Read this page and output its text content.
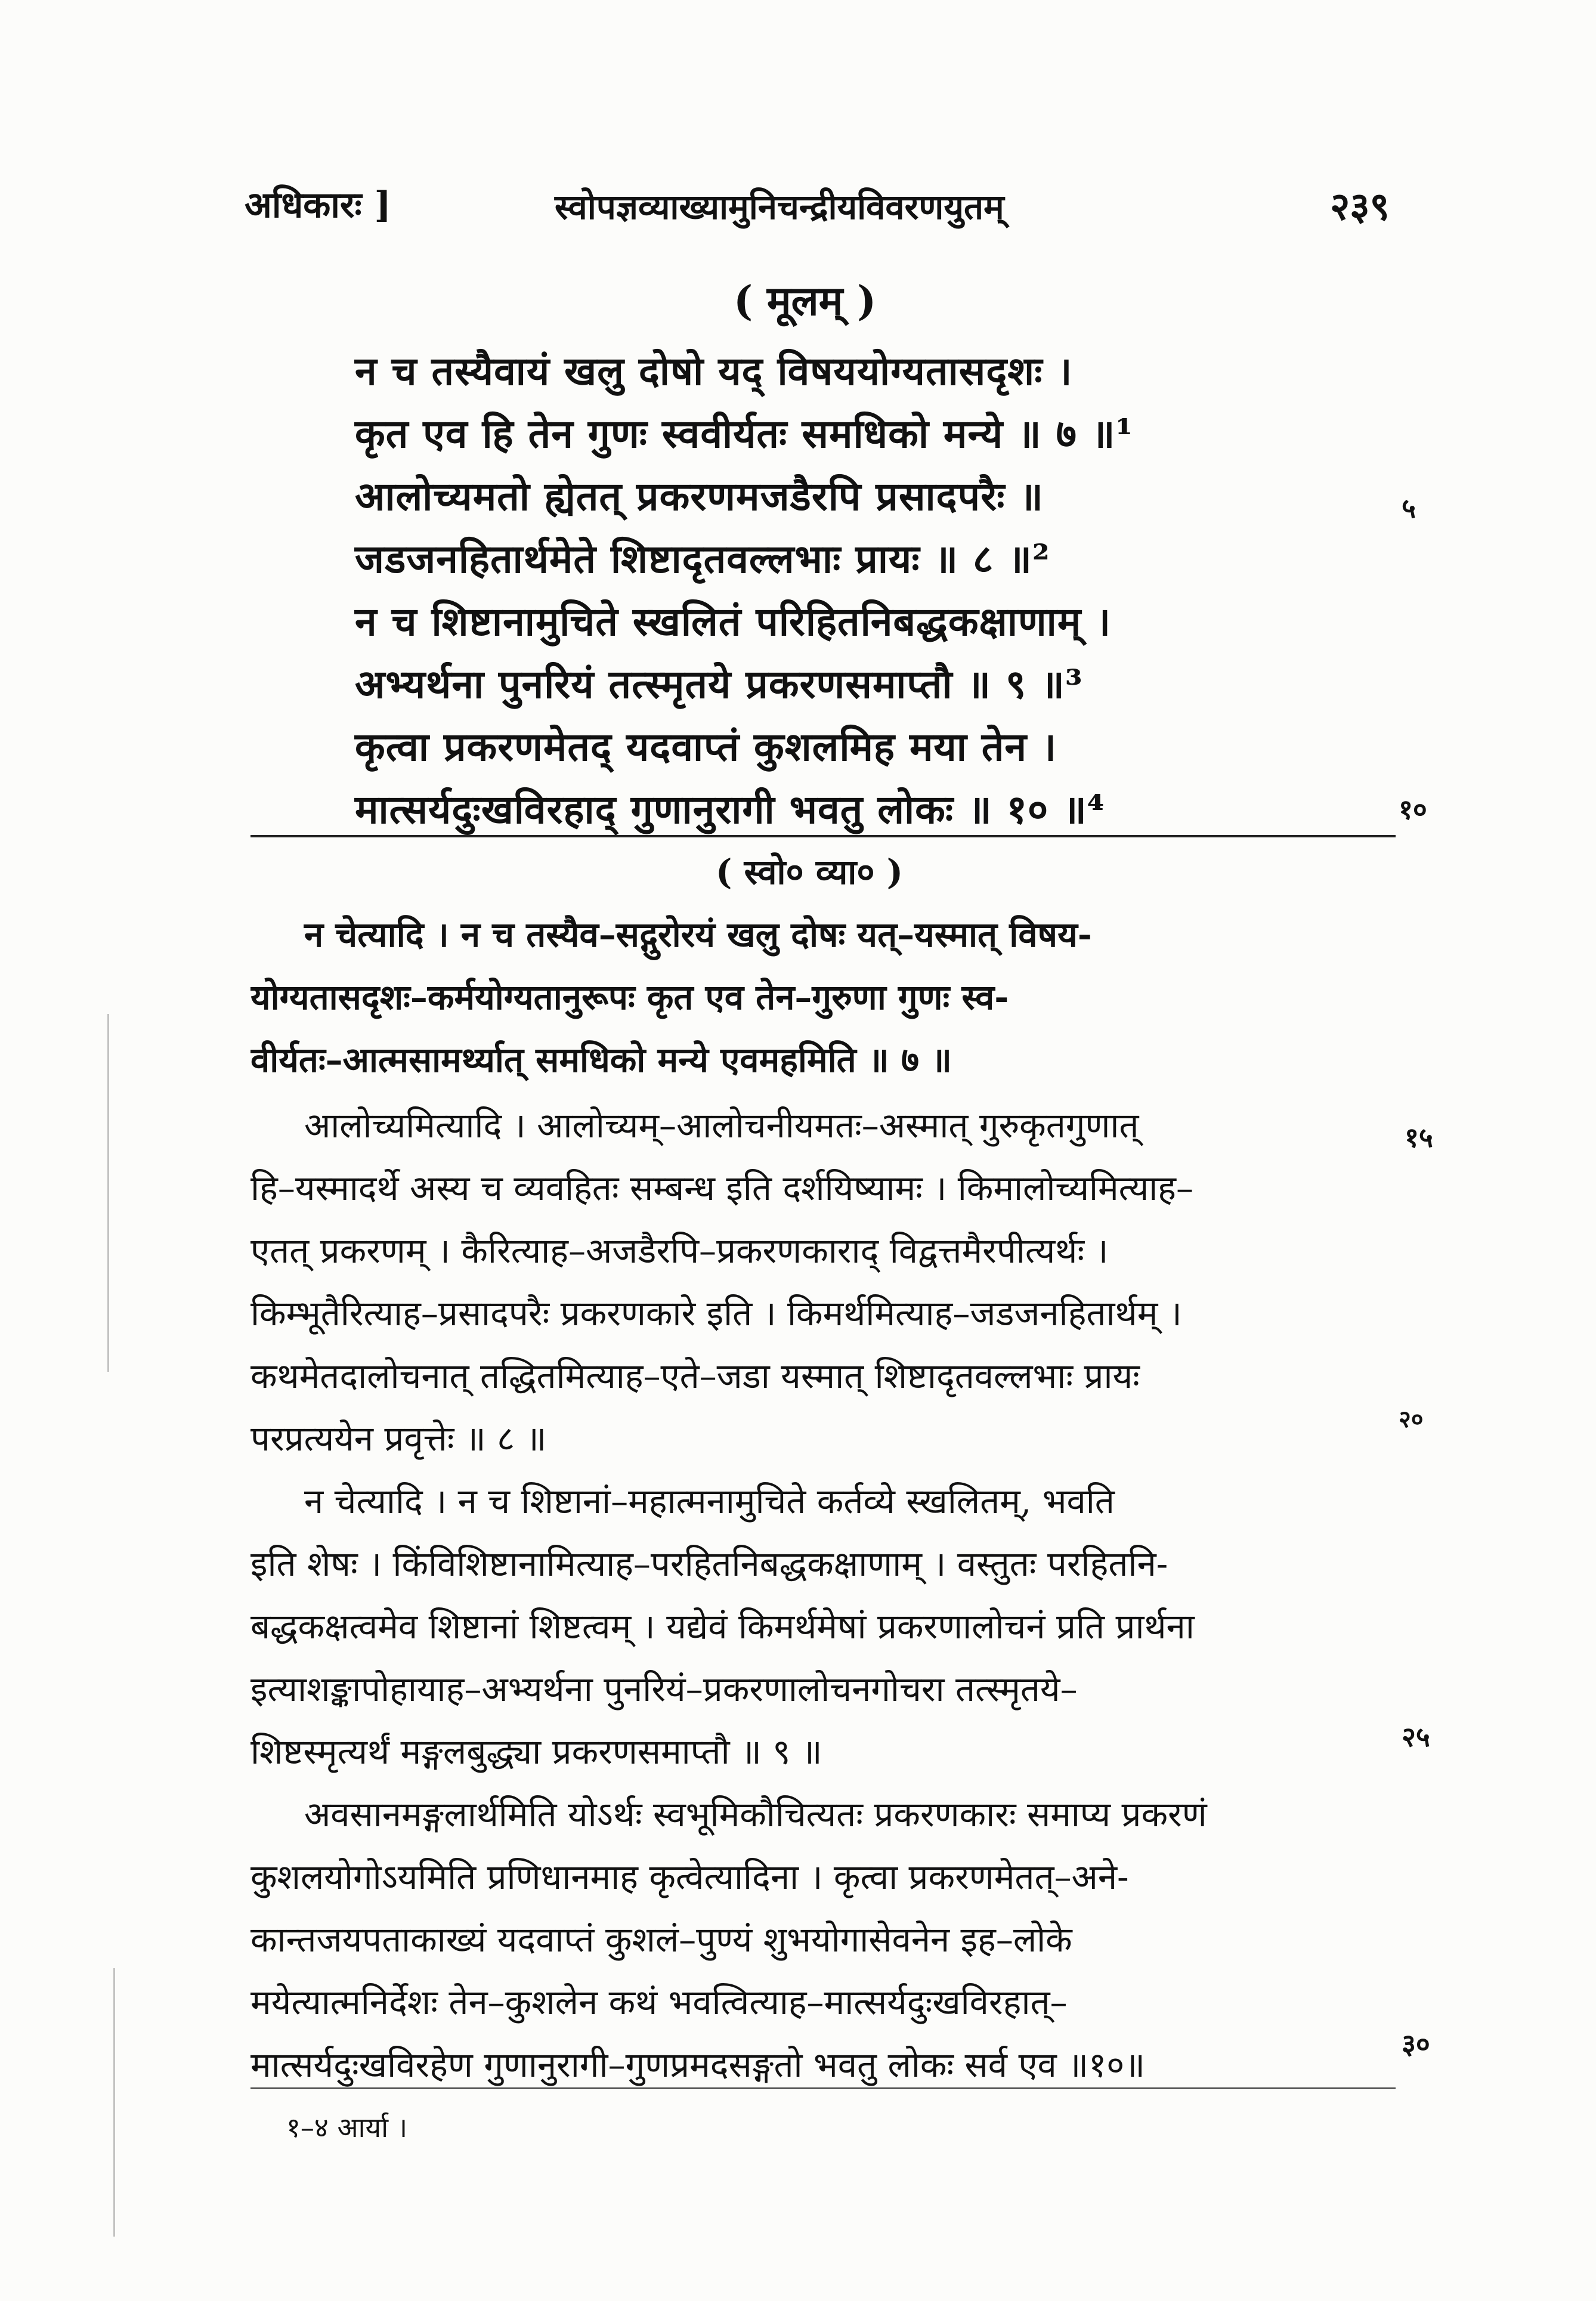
अधिकारः ]	स्वोपज्ञव्याख्यामुनिचन्द्रीयविवरणयुतम्	२३९
( मूलम् )
न च तस्यैवायं खलु दोषो यद् विषययोग्यतासदृशः ।
कृत एव हि तेन गुणः स्ववीर्यतः समधिको मन्ये ॥ ७ ॥¹
आलोच्यमतो ह्येतत् प्रकरणमजडैरपि प्रसादपरैः ॥
जडजनहितार्थमेते शिष्टादृतवल्लभाः प्रायः ॥ ८ ॥²
न च शिष्टानामुचिते स्खलितं परिहितनिबद्धकक्षाणाम् ।
अभ्यर्थना पुनरियं तत्स्मृतये प्रकरणसमाप्तौ ॥ ९ ॥³
कृत्वा प्रकरणमेतद् यदवाप्तं कुशलमिह मया तेन ।
मात्सर्यदुःखविरहाद् गुणानुरागी भवतु लोकः ॥ १० ॥⁴
५
१०
१५
२०
२५
३०
( स्वो० व्या० )
न चेत्यादि । न च तस्यैव–सद्गुरोरयं खलु दोषः यत्–यस्मात् विषय-
योग्यतासदृशः–कर्मयोग्यतानुरूपः कृत एव तेन–गुरुणा गुणः स्व-
वीर्यतः–आत्मसामर्थ्यात् समधिको मन्ये एवमहमिति ॥ ७ ॥
आलोच्यमित्यादि । आलोच्यम्–आलोचनीयमतः–अस्मात् गुरुकृतगुणात्
हि–यस्मादर्थे अस्य च व्यवहितः सम्बन्ध इति दर्शयिष्यामः । किमालोच्यमित्याह–
एतत् प्रकरणम् । कैरित्याह–अजडैरपि–प्रकरणकाराद् विद्वत्तमैरपीत्यर्थः ।
किम्भूतैरित्याह–प्रसादपरैः प्रकरणकारे इति । किमर्थमित्याह–जडजनहितार्थम् ।
कथमेतदालोचनात् तद्धितमित्याह–एते–जडा यस्मात् शिष्टादृतवल्लभाः प्रायः
परप्रत्ययेन प्रवृत्तेः ॥ ८ ॥
न चेत्यादि । न च शिष्टानां–महात्मनामुचिते कर्तव्ये स्खलितम्, भवति
इति शेषः । किंविशिष्टानामित्याह–परहितनिबद्धकक्षाणाम् । वस्तुतः परहितनि-
बद्धकक्षत्वमेव शिष्टानां शिष्टत्वम् । यद्येवं किमर्थमेषां प्रकरणालोचनं प्रति प्रार्थना
इत्याशङ्कापोहायाह–अभ्यर्थना पुनरियं–प्रकरणालोचनगोचरा तत्स्मृतये–
शिष्टस्मृत्यर्थं मङ्गलबुद्ध्या प्रकरणसमाप्तौ ॥ ९ ॥
अवसानमङ्गलार्थमिति योऽर्थः स्वभूमिकौचित्यतः प्रकरणकारः समाप्य प्रकरणं
कुशलयोगोऽयमिति प्रणिधानमाह कृत्वेत्यादिना । कृत्वा प्रकरणमेतत्–अने-
कान्तजयपताकाख्यं यदवाप्तं कुशलं–पुण्यं शुभयोगासेवनेन इह–लोके
मयेत्यात्मनिर्देशः तेन–कुशलेन कथं भवत्वित्याह–मात्सर्यदुःखविरहात्–
मात्सर्यदुःखविरहेण गुणानुरागी–गुणप्रमदसङ्गतो भवतु लोकः सर्व एव ॥१०॥
१–४ आर्या ।
